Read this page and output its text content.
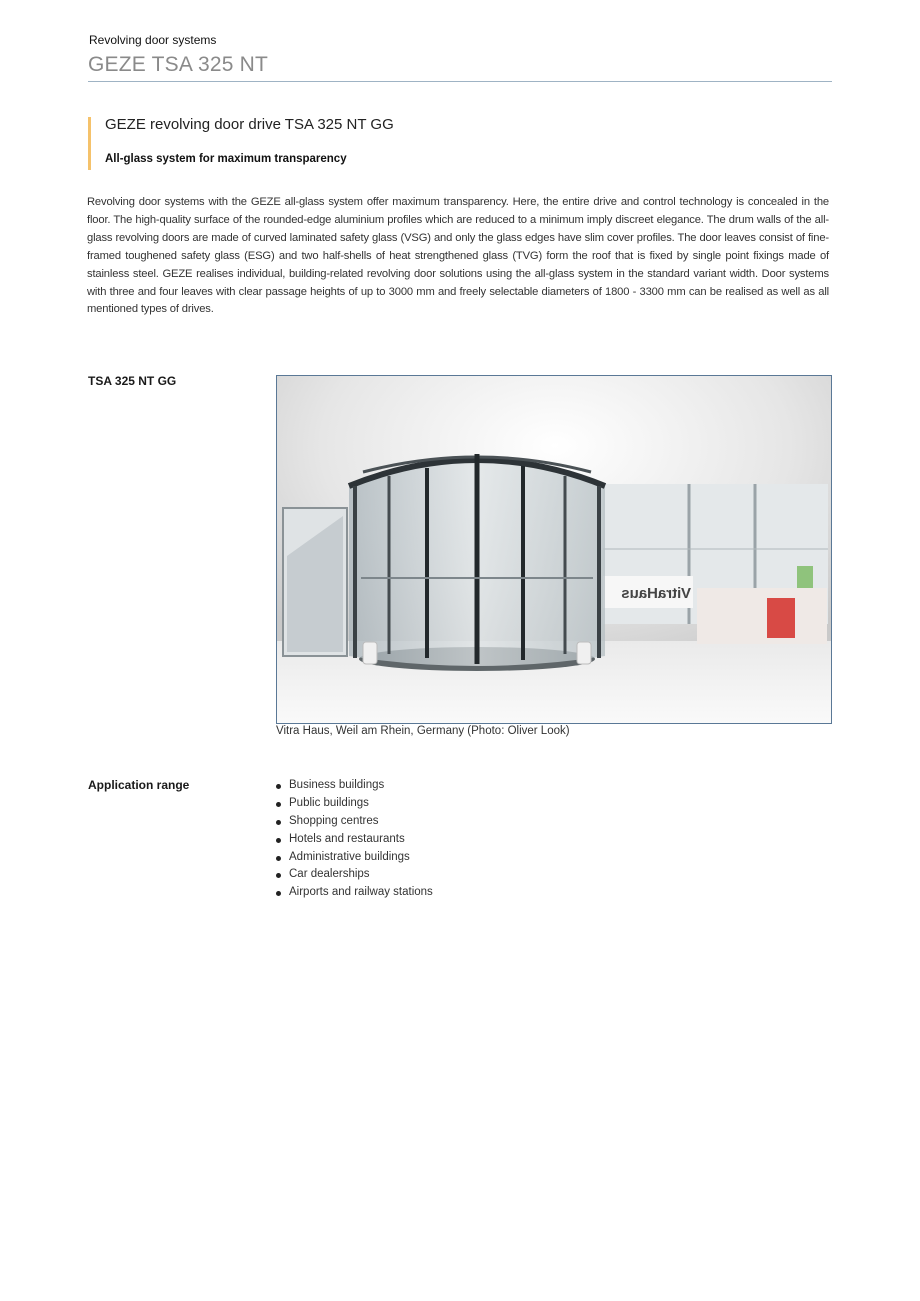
Revolving door systems
GEZE TSA 325 NT
GEZE revolving door drive TSA 325 NT GG
All-glass system for maximum transparency
Revolving door systems with the GEZE all-glass system offer maximum transparency. Here, the entire drive and control technology is concealed in the floor. The high-quality surface of the rounded-edge aluminium profiles which are reduced to a minimum imply discreet elegance. The drum walls of the all-glass revolving doors are made of curved laminated safety glass (VSG) and only the glass edges have slim cover profiles. The door leaves consist of fine-framed toughened safety glass (ESG) and two half-shells of heat strengthened glass (TVG) form the roof that is fixed by single point fixings made of stainless steel. GEZE realises individual, building-related revolving door solutions using the all-glass system in the standard variant width. Door systems with three and four leaves with clear passage heights of up to 3000 mm and freely selectable diameters of 1800 - 3300 mm can be realised as well as all mentioned types of drives.
TSA 325 NT GG
VitraHaus
Vitra Haus, Weil am Rhein, Germany (Photo: Oliver Look)
Application range	Business buildings
Public buildings
Shopping centres
Hotels and restaurants
Administrative buildings
Car dealerships
Airports and railway stations
